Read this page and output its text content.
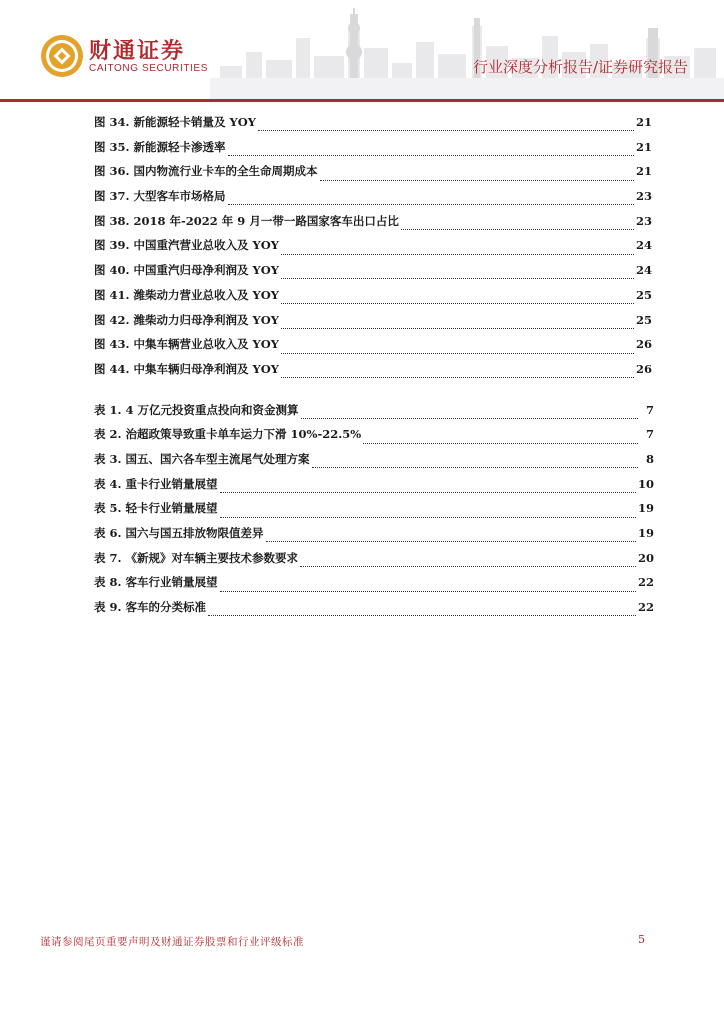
财通证券
CAITONG SECURITIES	行业深度分析报告/证券研究报告
图 34. 新能源轻卡销量及 YOY	21
图 35. 新能源轻卡渗透率	21
图 36. 国内物流行业卡车的全生命周期成本	21
图 37. 大型客车市场格局	23
图 38. 2018 年-2022 年 9 月一带一路国家客车出口占比	23
图 39. 中国重汽营业总收入及 YOY	24
图 40. 中国重汽归母净利润及 YOY	24
图 41. 潍柴动力营业总收入及 YOY	25
图 42. 潍柴动力归母净利润及 YOY	25
图 43. 中集车辆营业总收入及 YOY	26
图 44. 中集车辆归母净利润及 YOY	26
表 1. 4 万亿元投资重点投向和资金测算	7
表 2. 治超政策导致重卡单车运力下滑 10%-22.5%	7
表 3. 国五、国六各车型主流尾气处理方案	8
表 4. 重卡行业销量展望	10
表 5. 轻卡行业销量展望	19
表 6. 国六与国五排放物限值差异	19
表 7. 《新规》对车辆主要技术参数要求	20
表 8. 客车行业销量展望	22
表 9. 客车的分类标准	22
谨请参阅尾页重要声明及财通证券股票和行业评级标准	5
